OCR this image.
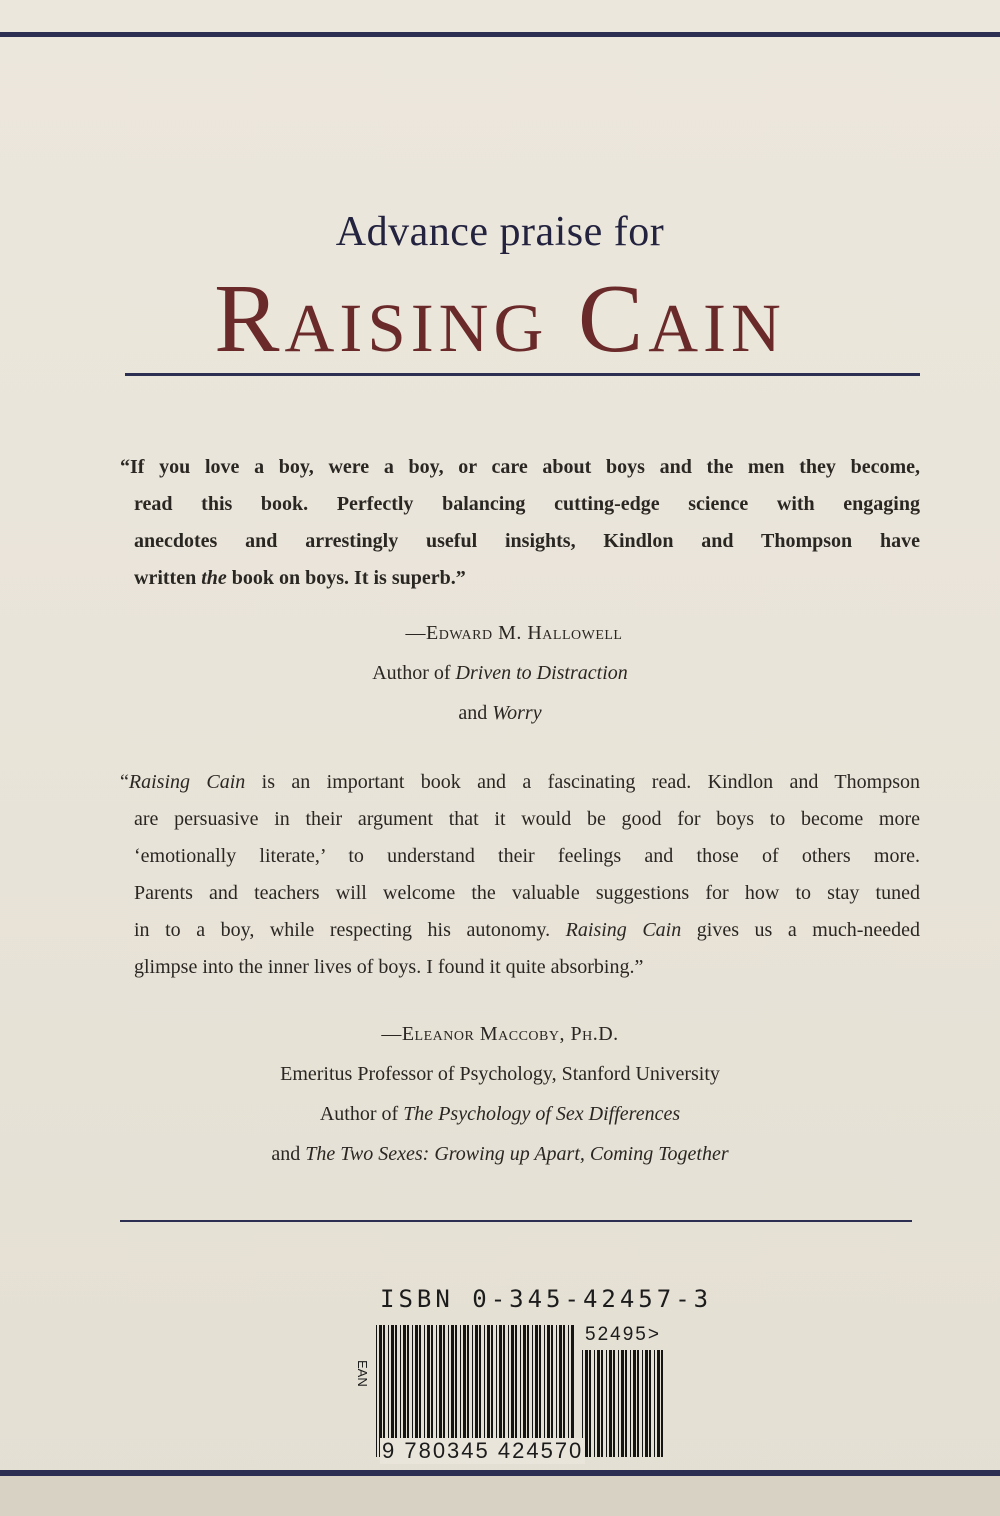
Advance praise for
Raising Cain
“If you love a boy, were a boy, or care about boys and the men they become,
read this book. Perfectly balancing cutting-edge science with engaging
anecdotes and arrestingly useful insights, Kindlon and Thompson have
written the book on boys. It is superb.”
—Edward M. Hallowell
Author of Driven to Distraction
and Worry
“Raising Cain is an important book and a fascinating read. Kindlon and Thompson
are persuasive in their argument that it would be good for boys to become more
‘emotionally literate,’ to understand their feelings and those of others more.
Parents and teachers will welcome the valuable suggestions for how to stay tuned
in to a boy, while respecting his autonomy. Raising Cain gives us a much-needed
glimpse into the inner lives of boys. I found it quite absorbing.”
—Eleanor Maccoby, Ph.D.
Emeritus Professor of Psychology, Stanford University
Author of The Psychology of Sex Differences
and The Two Sexes: Growing up Apart, Coming Together
ISBN 0-345-42457-3
52495>
EAN
9 780345 424570
